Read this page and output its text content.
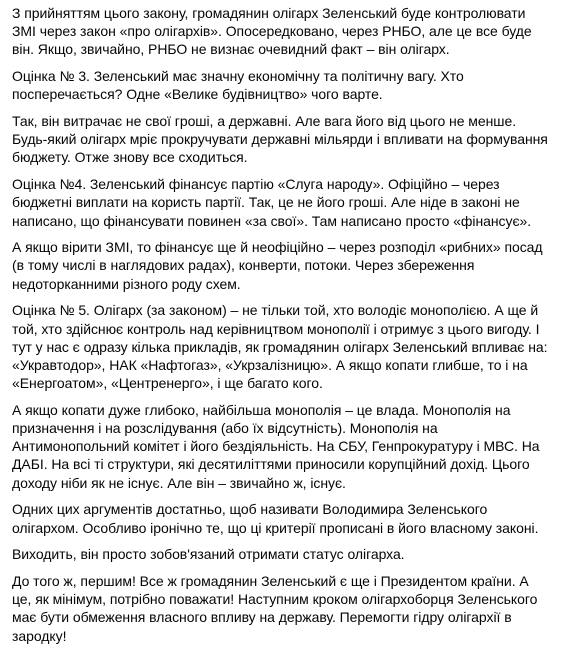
З прийняттям цього закону, громадянин олігарх Зеленський буде контролювати ЗМІ через закон «про олігархів». Опосередковано, через РНБО, але це все буде він. Якщо, звичайно, РНБО не визнає очевидний факт – він олігарх.

Оцінка № 3. Зеленський має значну економічну та політичну вагу. Хто посперечається? Одне «Велике будівництво» чого варте.

Так, він витрачає не свої гроші, а державні. Але вага його від цього не менше. Будь-який олігарх мріє прокручувати державні мільярди і впливати на формування бюджету. Отже знову все сходиться.

Оцінка №4. Зеленський фінансує партію «Слуга народу». Офіційно – через бюджетні виплати на користь партії. Так, це не його гроші. Але ніде в законі не написано, що фінансувати повинен «за свої». Там написано просто «фінансує».

А якщо вірити ЗМІ, то фінансує ще й неофіційно – через розподіл «рибних» посад (в тому числі в наглядових радах), конверти, потоки. Через збереження недоторканними різного роду схем.

Оцінка № 5. Олігарх (за законом) – не тільки той, хто володіє монополією. А ще й той, хто здійснює контроль над керівництвом монополії і отримує з цього вигоду. І тут у нас є одразу кілька прикладів, як громадянин олігарх Зеленський впливає на: «Укравтодор», НАК «Нафтогаз», «Укрзалізницю». А якщо копати глибше, то і на «Енергоатом», «Центренерго», і ще багато кого.

А якщо копати дуже глибоко, найбільша монополія – це влада. Монополія на призначення і на розслідування (або їх відсутність). Монополія на Антимонопольний комітет і його бездіяльність. На СБУ, Генпрокуратуру і МВС. На ДАБІ. На всі ті структури, які десятиліттями приносили корупційний дохід. Цього доходу ніби як не існує. Але він – звичайно ж, існує.

Одних цих аргументів достатньо, щоб називати Володимира Зеленського олігархом. Особливо іронічно те, що ці критерії прописані в його власному законі.

Виходить, він просто зобов'язаний отримати статус олігарха.

До того ж, першим! Все ж громадянин Зеленський є ще і Президентом країни. А це, як мінімум, потрібно поважати! Наступним кроком олігархоборця Зеленського має бути обмеження власного впливу на державу. Перемогти гідру олігархії в зародку!
